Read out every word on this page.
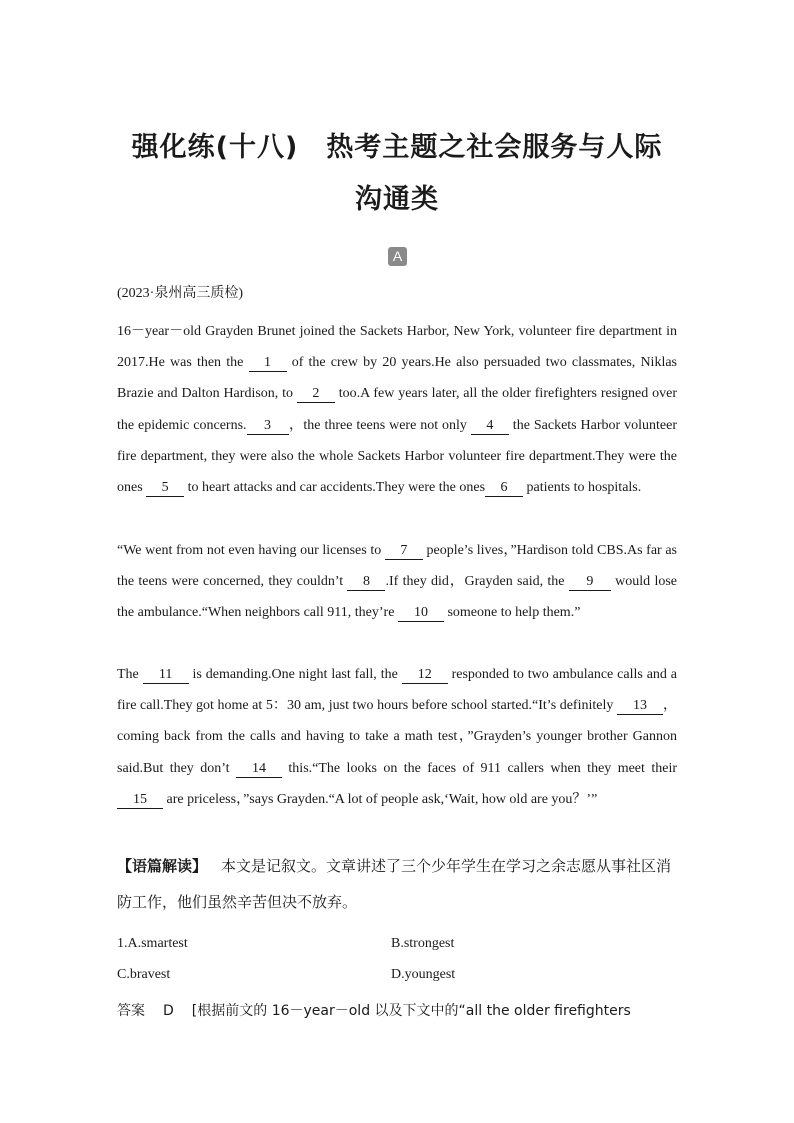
强化练(十八)　热考主题之社会服务与人际
沟通类
A
(2023·泉州高三质检)
16－year－old Grayden Brunet joined the Sackets Harbor, New York, volunteer fire department in 2017.He was then the 1 of the crew by 20 years.He also persuaded two classmates, Niklas Brazie and Dalton Hardison, to 2 too.A few years later, all the older firefighters resigned over the epidemic concerns. 3 ，the three teens were not only 4 the Sackets Harbor volunteer fire department, they were also the whole Sackets Harbor volunteer fire department.They were the ones 5 to heart attacks and car accidents.They were the ones 6 patients to hospitals.
“We went from not even having our licenses to 7 people’s lives，”Hardison told CBS.As far as the teens were concerned, they couldn’t 8 .If they did，Grayden said, the 9 would lose the ambulance.“When neighbors call 911, they’re 10 someone to help them.”
The 11 is demanding.One night last fall, the 12 responded to two ambulance calls and a fire call.They got home at 5：30 am, just two hours before school started.“It’s definitely 13 ， coming back from the calls and having to take a math test，”Grayden’s younger brother Gannon said.But they don’t 14 this.“The looks on the faces of 911 callers when they meet their 15 are priceless，”says Grayden.“A lot of people ask,‘Wait, how old are you？’”
【语篇解读】 本文是记叙文。文章讲述了三个少年学生在学习之余志愿从事社区消防工作，他们虽然辛苦但决不放弃。
1.A.smartest	B.strongest
C.bravest	D.youngest
答案 D [根据前文的 16－year－old 以及下文中的“all the older firefighters
